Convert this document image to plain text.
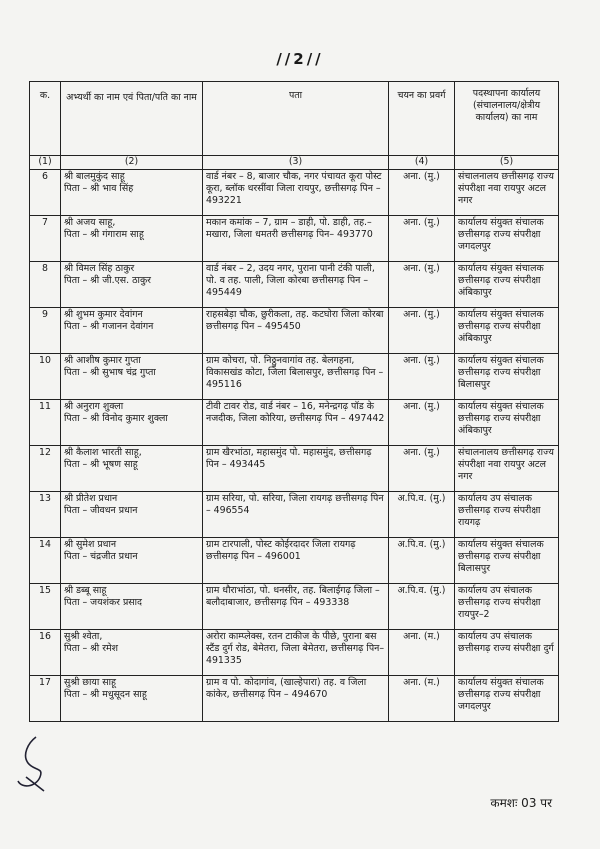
//2//
क.	अभ्यर्थी का नाम एवं पिता/पति का नाम	पता	चयन का प्रवर्ग	पदस्थापना कार्यालय (संचालनालय/क्षेत्रीय कार्यालय) का नाम
(1)	(2)	(3)	(4)	(5)
6	श्री बालमुकुंद साहू
पिता – श्री भाव सिंह	वार्ड नंबर – 8, बाजार चौक, नगर पंचायत कूरा पोस्ट कूरा, ब्लॉक धरसींवा जिला रायपुर, छत्तीसगढ़ पिन – 493221	अना. (मु.)	संचालनालय छत्तीसगढ़ राज्य संपरीक्षा नवा रायपुर अटल नगर
7	श्री अजय साहू,
पिता – श्री गंगाराम साहू	मकान कमांक – 7, ग्राम – डाही, पो. डाही, तह.–मखारा, जिला धमतरी छत्तीसगढ़ पिन– 493770	अना. (मु.)	कार्यालय संयुक्त संचालक छत्तीसगढ़ राज्य संपरीक्षा जगदलपुर
8	श्री विमल सिंह ठाकुर
पिता – श्री जी.एस. ठाकुर	वार्ड नंबर – 2, उदय नगर, पुराना पानी टंकी पाली, पो. व तह. पाली, जिला कोरबा छत्तीसगढ़ पिन – 495449	अना. (मु.)	कार्यालय संयुक्त संचालक छत्तीसगढ़ राज्य संपरीक्षा अंबिकापुर
9	श्री शुभम कुमार देवांगन
पिता – श्री गजानन देवांगन	राहसबेड़ा चौक, छुरीकला, तह. कटघोरा जिला कोरबा छत्तीसगढ़ पिन – 495450	अना. (मु.)	कार्यालय संयुक्त संचालक छत्तीसगढ़ राज्य संपरीक्षा अंबिकापुर
10	श्री आशीष कुमार गुप्ता
पिता – श्री सुभाष चंद्र गुप्ता	ग्राम कोचरा, पो. निठ्ठुनवागांव तह. बेलगहना, विकासखंड कोटा, जिला बिलासपुर, छत्तीसगढ़ पिन – 495116	अना. (मु.)	कार्यालय संयुक्त संचालक छत्तीसगढ़ राज्य संपरीक्षा बिलासपुर
11	श्री अनुराग शुक्ला
पिता – श्री विनोद कुमार शुक्ला	टीवी टावर रोड, वार्ड नंबर – 16, मनेन्द्रगढ़ पॉड के नजदीक, जिला कोरिया, छत्तीसगढ़ पिन – 497442	अना. (मु.)	कार्यालय संयुक्त संचालक छत्तीसगढ़ राज्य संपरीक्षा अंबिकापुर
12	श्री कैलाश भारती साहू,
पिता – श्री भूषण साहू	ग्राम खैरभांठा, महासमुंद पो. महासमुंद, छत्तीसगढ़ पिन – 493445	अना. (मु.)	संचालनालय छत्तीसगढ़ राज्य संपरीक्षा नवा रायपुर अटल नगर
13	श्री प्रीतेश प्रधान
पिता – जीवधन प्रधान	ग्राम सरिया, पो. सरिया, जिला रायगढ़ छत्तीसगढ़ पिन – 496554	अ.पि.व. (मु.)	कार्यालय उप संचालक छत्तीसगढ़ राज्य संपरीक्षा रायगढ़
14	श्री सुमेश प्रधान
पिता – चंद्रजीत प्रधान	ग्राम टारपाली, पोस्ट कोईरदादर जिला रायगढ़ छत्तीसगढ़ पिन – 496001	अ.पि.व. (मु.)	कार्यालय संयुक्त संचालक छत्तीसगढ़ राज्य संपरीक्षा बिलासपुर
15	श्री डब्बू साहू
पिता – जयशंकर प्रसाद	ग्राम धौराभांठा, पो. धनसीर, तह. बिलाईगढ़ जिला – बलौदाबाजार, छत्तीसगढ़ पिन – 493338	अ.पि.व. (मु.)	कार्यालय उप संचालक छत्तीसगढ़ राज्य संपरीक्षा रायपुर–2
16	सुश्री श्वेता,
पिता – श्री रमेश	अरोरा काम्प्लेक्स, रतन टाकीज के पीछे, पुराना बस स्टैंड दुर्ग रोड, बेमेतरा, जिला बेमेतरा, छत्तीसगढ़ पिन–491335	अना. (म.)	कार्यालय उप संचालक छत्तीसगढ़ राज्य संपरीक्षा दुर्ग
17	सुश्री छाया साहू
पिता – श्री मधुसूदन साहू	ग्राम व पो. कोदागांव, (खाल्हेपारा) तह. व जिला कांकेर, छत्तीसगढ़ पिन – 494670	अना. (म.)	कार्यालय संयुक्त संचालक छत्तीसगढ़ राज्य संपरीक्षा जगदलपुर
कमशः 03 पर
